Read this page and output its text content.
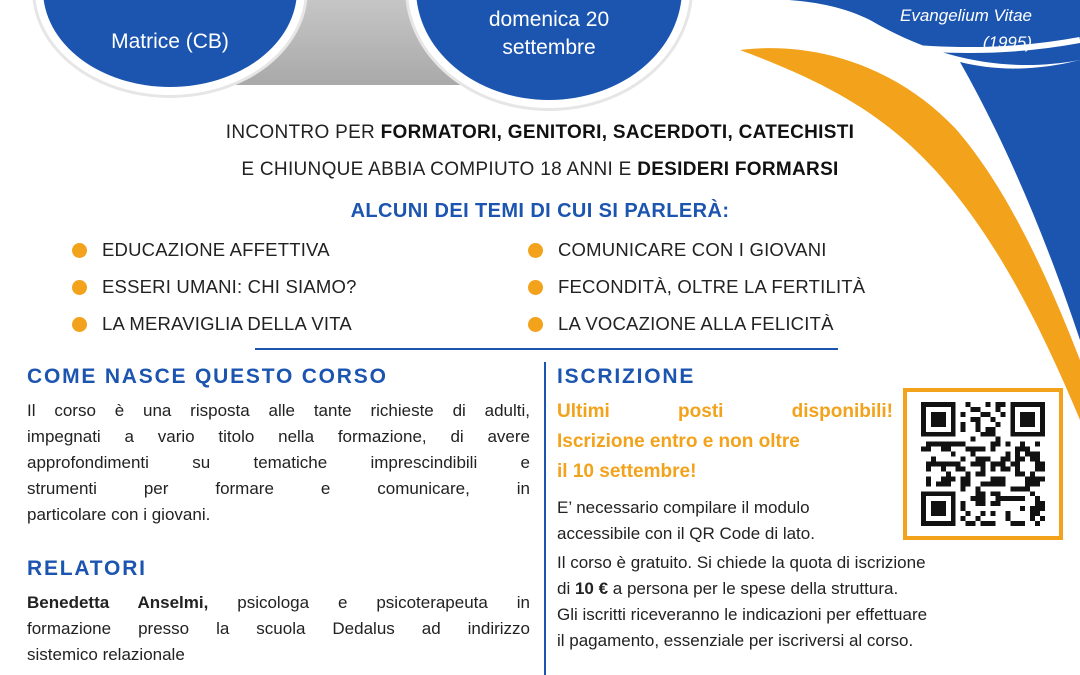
Matrice (CB)
domenica 20
settembre
Evangelium Vitae
(1995)
INCONTRO PER FORMATORI, GENITORI, SACERDOTI, CATECHISTI
E CHIUNQUE ABBIA COMPIUTO 18 ANNI E DESIDERI FORMARSI
ALCUNI DEI TEMI DI CUI SI PARLERÀ:
EDUCAZIONE AFFETTIVA
ESSERI UMANI: CHI SIAMO?
LA MERAVIGLIA DELLA VITA
COMUNICARE CON I GIOVANI
FECONDITÀ, OLTRE LA FERTILITÀ
LA VOCAZIONE ALLA FELICITÀ
COME NASCE QUESTO CORSO
Il corso è una risposta alle tante richieste di adulti,
impegnati a vario titolo nella formazione, di avere
approfondimenti su tematiche imprescindibili e
strumenti per formare e comunicare, in
particolare con i giovani.
RELATORI
Benedetta Anselmi, psicologa e psicoterapeuta in
formazione presso la scuola Dedalus ad indirizzo
sistemico relazionale
ISCRIZIONE
Ultimi posti disponibili!
Iscrizione entro e non oltre
il 10 settembre!
E’ necessario compilare il modulo
accessibile con il QR Code di lato.
Il corso è gratuito. Si chiede la quota di iscrizione
di 10 € a persona per le spese della struttura.
Gli iscritti riceveranno le indicazioni per effettuare
il pagamento, essenziale per iscriversi al corso.
